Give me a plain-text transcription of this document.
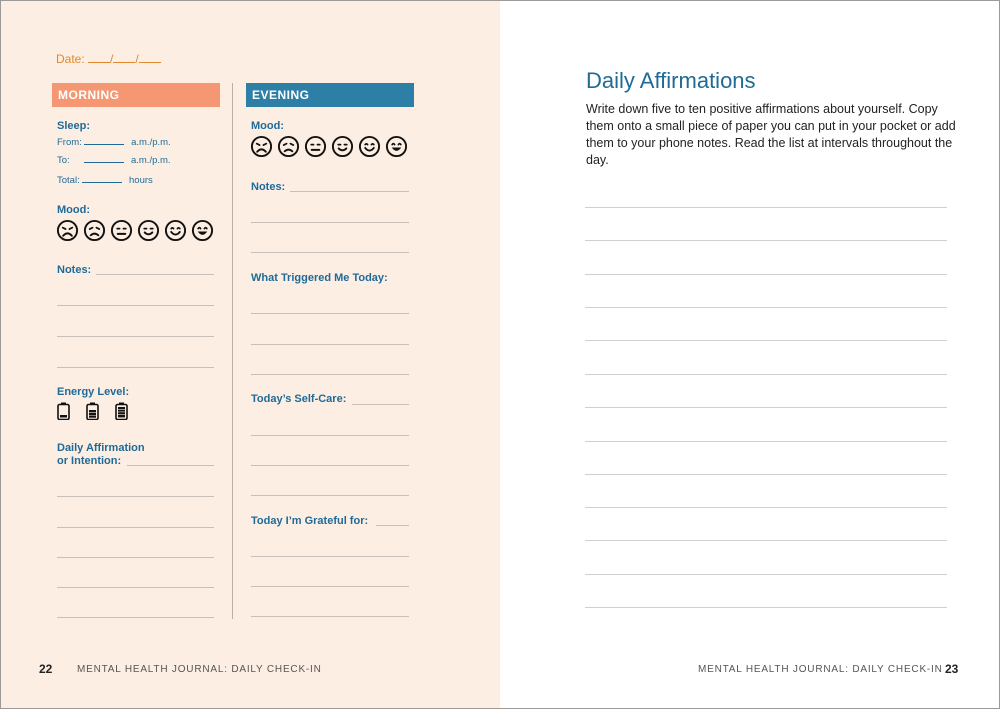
Date: / /
MORNING	EVENING
Sleep:
From:	a.m./p.m.
To:	a.m./p.m.
Total:	hours
Mood:
Notes:
Energy Level:
Daily Affirmation
or Intention:
Mood:
Notes:
What Triggered Me Today:
Today’s Self-Care:
Today I’m Grateful for:
22 MENTAL HEALTH JOURNAL: DAILY CHECK-IN
Daily Affirmations
Write down five to ten positive affirmations about yourself. Copy them onto a small piece of paper you can put in your pocket or add them to your phone notes. Read the list at intervals throughout the day.
MENTAL HEALTH JOURNAL: DAILY CHECK-IN 23
